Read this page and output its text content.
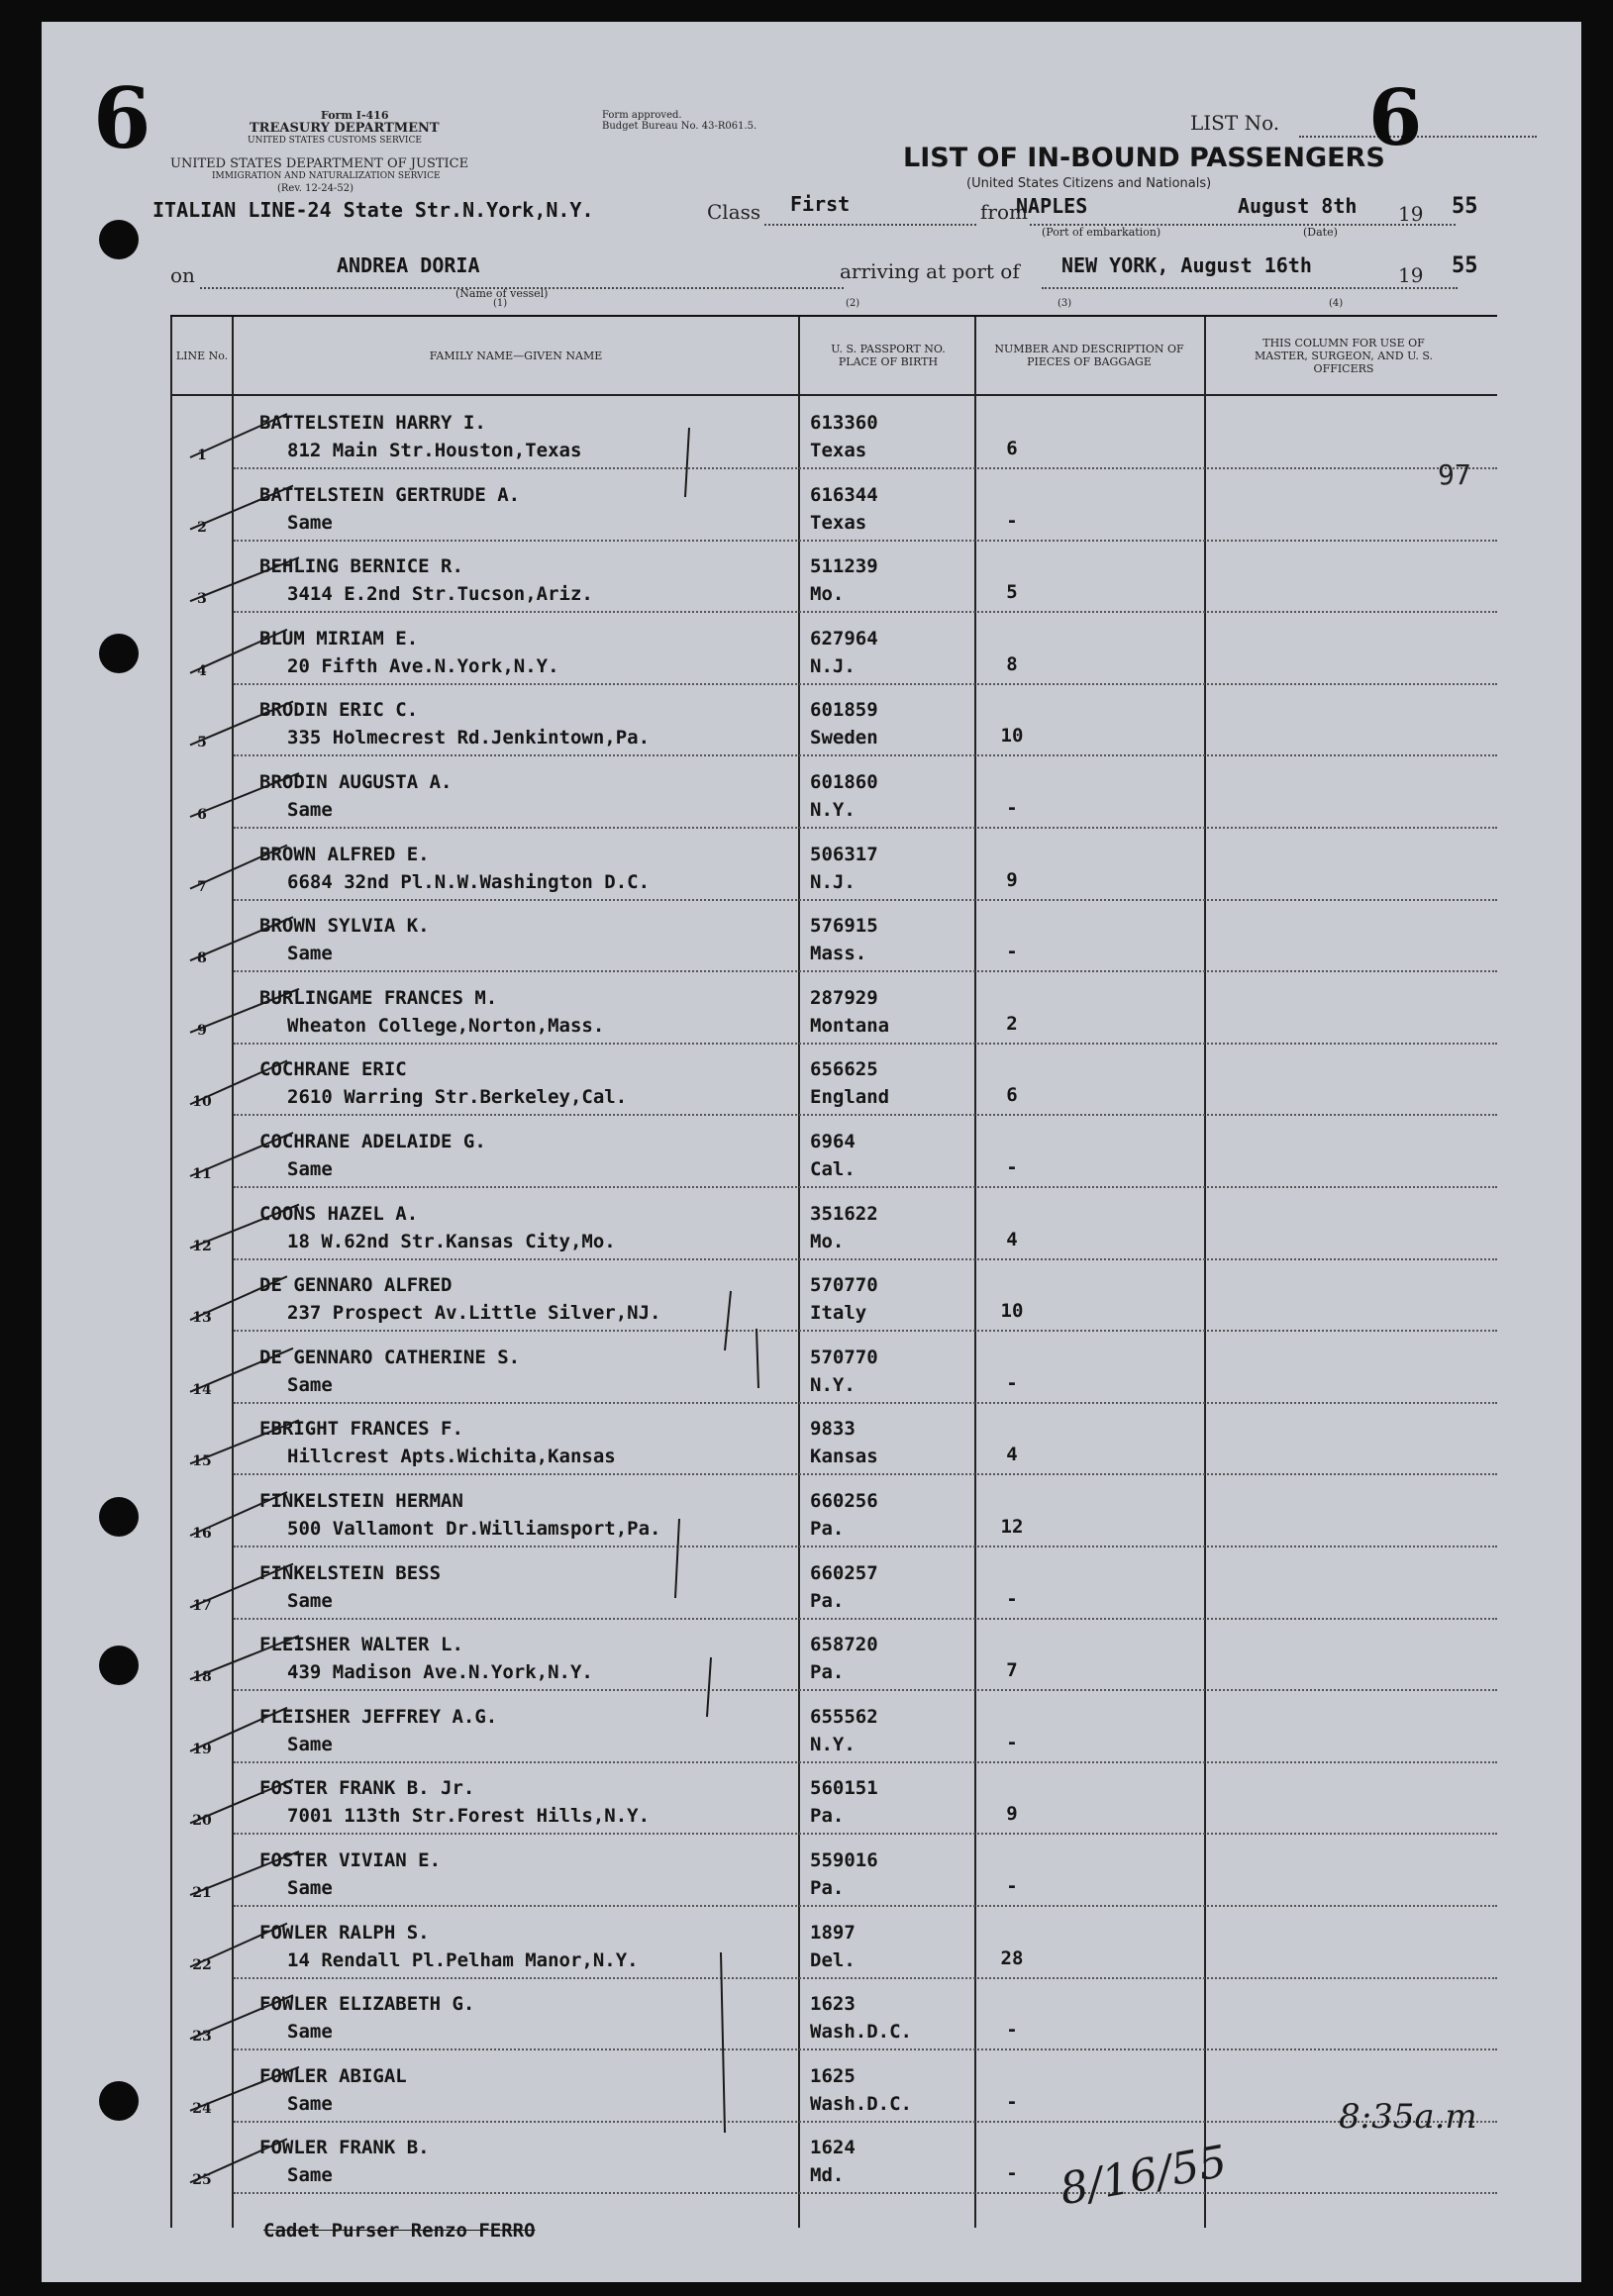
6	Form I-416
TREASURY DEPARTMENT
UNITED STATES CUSTOMS SERVICE
UNITED STATES DEPARTMENT OF JUSTICE
IMMIGRATION AND NATURALIZATION SERVICE
(Rev. 12-24-52)
Form approved.
Budget Bureau No. 43-R061.5.	LIST No. 6
LIST OF IN-BOUND PASSENGERS
(United States Citizens and Nationals)
ITALIAN LINE-24 State Str.N.York,N.Y.	Class First	from
NAPLES	August 8th 19 55
(Port of embarkation)	(Date)
on	ANDREA DORIA
(Name of vessel)
(1)
arriving at port of NEW YORK, August 16th	19 55
(2)	(3)	(4)
LINE No.	FAMILY NAME—GIVEN NAME	U. S. PASSPORT NO. PLACE OF BIRTH
NUMBER AND DESCRIPTION OF PIECES OF BAGGAGE
THIS COLUMN FOR USE OF MASTER, SURGEON, AND U. S. OFFICERS
1
BATTELSTEIN HARRY I.
812 Main Str.Houston,Texas
613360
Texas	6
2
BATTELSTEIN GERTRUDE A.
Same
616344
Texas	-
97
3
BEHLING BERNICE R.
3414 E.2nd Str.Tucson,Ariz.
511239
Mo.	5
4
BLUM MIRIAM E.
20 Fifth Ave.N.York,N.Y.
627964
N.J.	8
5
BRODIN ERIC C.
335 Holmecrest Rd.Jenkintown,Pa.
601859
Sweden	10
6
BRODIN AUGUSTA A.
Same
601860
N.Y.	-
7
BROWN ALFRED E.
6684 32nd Pl.N.W.Washington D.C.
506317
N.J.	9
8
BROWN SYLVIA K.
Same
576915
Mass.	-
9
BURLINGAME FRANCES M.
Wheaton College,Norton,Mass.
287929
Montana	2
10
COCHRANE ERIC
2610 Warring Str.Berkeley,Cal.
656625
England	6
11
COCHRANE ADELAIDE G.
Same
6964
Cal.	-
12
COONS HAZEL A.
18 W.62nd Str.Kansas City,Mo.
351622
Mo.	4
13
DE GENNARO ALFRED
237 Prospect Av.Little Silver,NJ.
570770
Italy	10
14
DE GENNARO CATHERINE S.
Same
570770
N.Y.	-
15
EBRIGHT FRANCES F.
Hillcrest Apts.Wichita,Kansas
9833
Kansas	4
16
FINKELSTEIN HERMAN
500 Vallamont Dr.Williamsport,Pa.
660256
Pa.	12
17
FINKELSTEIN BESS
Same
660257
Pa.	-
18
FLEISHER WALTER L.
439 Madison Ave.N.York,N.Y.
658720
Pa.	7
19
FLEISHER JEFFREY A.G.
Same
655562
N.Y.	-
20
FOSTER FRANK B. Jr.
7001 113th Str.Forest Hills,N.Y.
560151
Pa.	9
21
FOSTER VIVIAN E.
Same
559016
Pa.	-
22
FOWLER RALPH S.
14 Rendall Pl.Pelham Manor,N.Y.
1897
Del.	28
23
FOWLER ELIZABETH G.
Same
1623
Wash.D.C.	-
24
FOWLER ABIGAL
Same
1625
Wash.D.C.	-
25
FOWLER FRANK B.
Same
1624
Md.	-
Cadet Purser Renzo FERRO
8/16/55
8:35a.m
